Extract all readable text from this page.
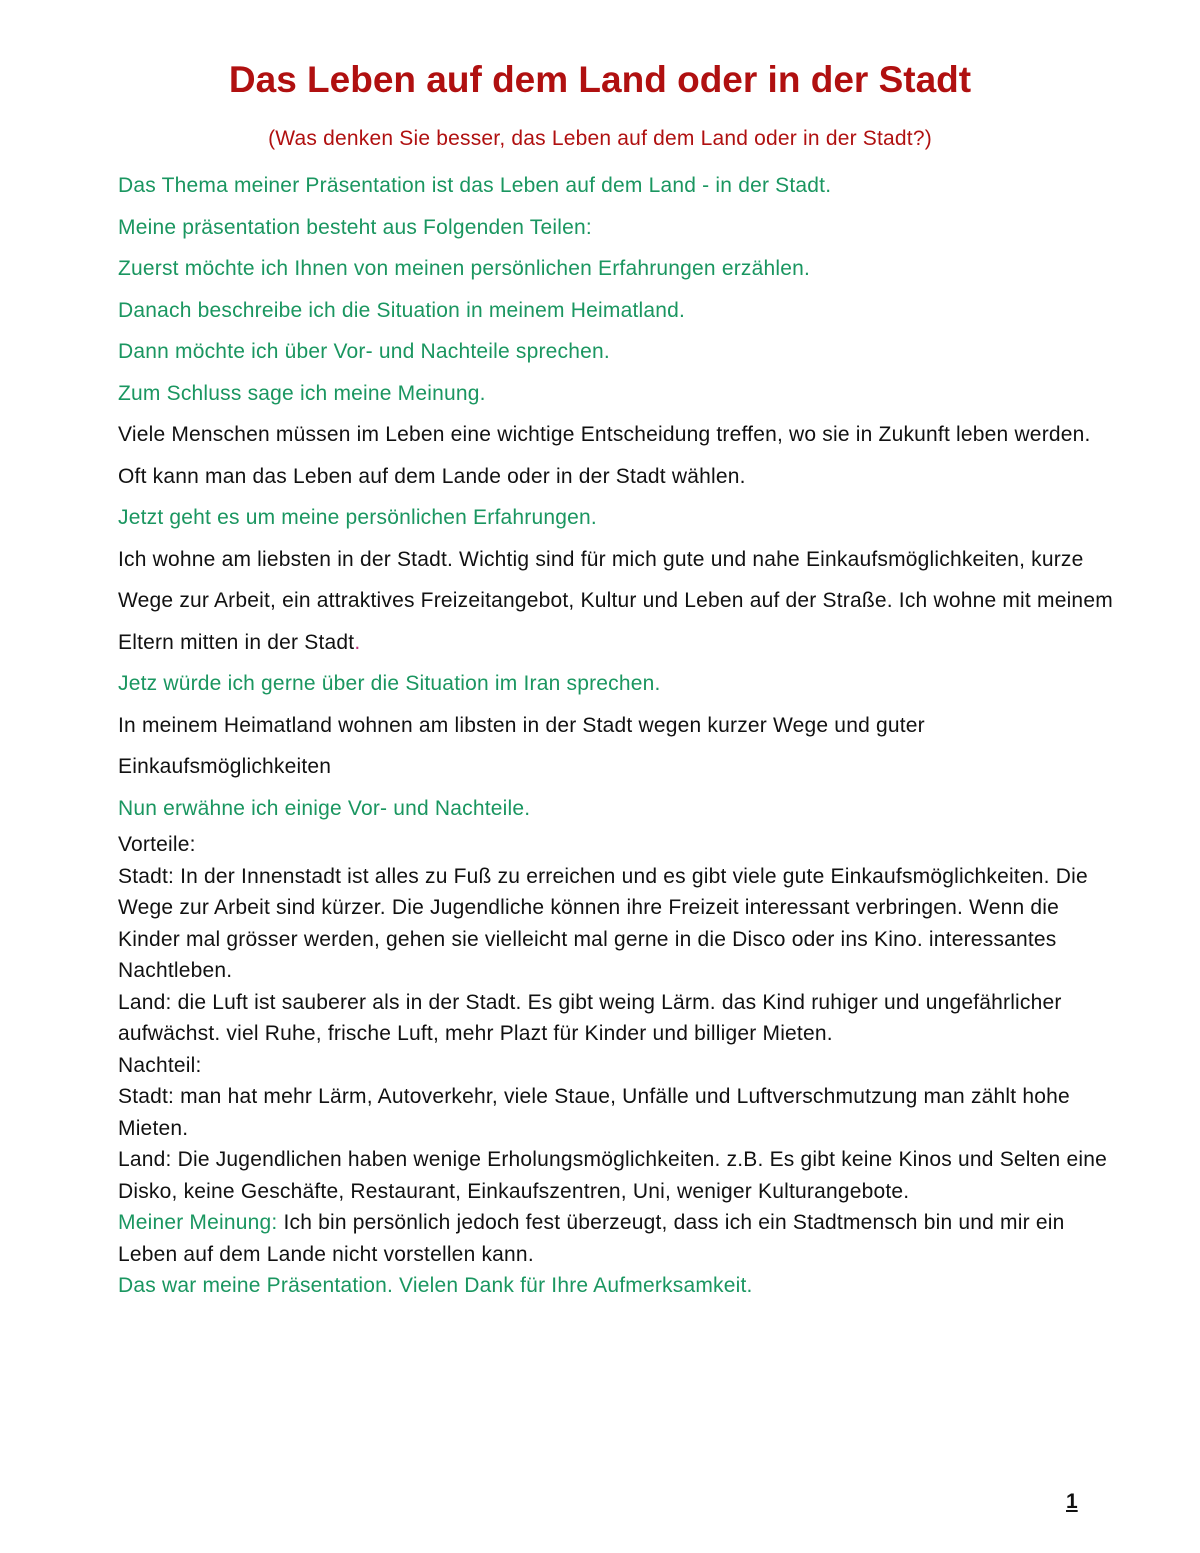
Das Leben auf dem Land oder in der Stadt

(Was denken Sie besser, das Leben auf dem Land oder in der Stadt?)

Das Thema meiner Präsentation ist das Leben auf dem Land - in der Stadt.

Meine präsentation besteht aus Folgenden Teilen:

Zuerst möchte ich Ihnen von meinen persönlichen Erfahrungen erzählen.

Danach beschreibe ich die Situation in meinem Heimatland.

Dann möchte ich über Vor- und Nachteile sprechen.

Zum Schluss sage ich meine Meinung.

Viele Menschen müssen im Leben eine wichtige Entscheidung treffen, wo sie in Zukunft leben werden. Oft kann man das Leben auf dem Lande oder in der Stadt wählen.

Jetzt geht es um meine persönlichen Erfahrungen.

Ich wohne am liebsten in der Stadt. Wichtig sind für mich gute und nahe Einkaufsmöglichkeiten, kurze Wege zur Arbeit, ein attraktives Freizeitangebot, Kultur und Leben auf der Straße. Ich wohne mit meinem Eltern mitten in der Stadt.

Jetz würde ich gerne über die Situation im Iran sprechen.

In meinem Heimatland wohnen am libsten in der Stadt wegen kurzer Wege und guter Einkaufsmöglichkeiten

Nun erwähne ich einige Vor- und Nachteile.

Vorteile:

Stadt: In der Innenstadt ist alles zu Fuß zu erreichen und es gibt viele gute Einkaufsmöglichkeiten. Die Wege zur Arbeit sind kürzer. Die Jugendliche können ihre Freizeit interessant verbringen. Wenn die Kinder mal grösser werden, gehen sie vielleicht mal gerne in die Disco oder ins Kino. interessantes Nachtleben.

Land: die Luft ist sauberer als in der Stadt. Es gibt weing Lärm. das Kind ruhiger und ungefährlicher aufwächst. viel Ruhe, frische Luft, mehr Plazt für Kinder und billiger Mieten.

Nachteil:

Stadt: man hat mehr Lärm, Autoverkehr, viele Staue, Unfälle und Luftverschmutzung man zählt hohe Mieten.

Land: Die Jugendlichen haben wenige Erholungsmöglichkeiten. z.B. Es gibt keine Kinos und Selten eine Disko, keine Geschäfte, Restaurant, Einkaufszentren, Uni, weniger Kulturangebote.

Meiner Meinung: Ich bin persönlich jedoch fest überzeugt, dass ich ein Stadtmensch bin und mir ein Leben auf dem Lande nicht vorstellen kann.

Das war meine Präsentation. Vielen Dank für Ihre Aufmerksamkeit.

1
